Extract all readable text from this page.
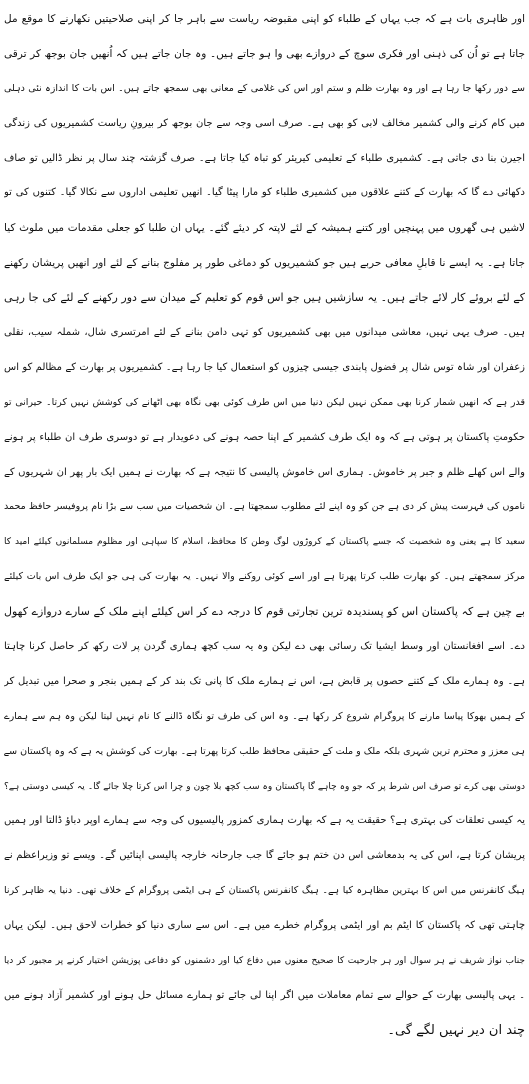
اور ظاہری بات ہے کہ جب یہاں کے طلباء کو اپنی مقبوضہ ریاست سے باہر جا کر اپنی صلاحیتیں نکھارنے کا موقع مل
جاتا ہے تو اُن کی ذہنی اور فکری سوچ کے دروازے بھی وا ہو جاتے ہیں۔ وہ جان جاتے ہیں کہ اُنھیں جان بوجھ کر ترقی
سے دور رکھا جا رہا ہے اور وہ بھارت ظلم و ستم اور اس کی غلامی کے معانی بھی سمجھ جاتے ہیں۔ اس بات کا اندازہ نئی دہلی
میں کام کرنے والی کشمیر مخالف لابی کو بھی ہے۔ صرف اسی وجہ سے جان بوجھ کر بیرونِ ریاست کشمیریوں کی زندگی
اجیرن بنا دی جاتی ہے۔ کشمیری طلباء کے تعلیمی کیریئر کو تباہ کیا جاتا ہے۔ صرف گزشتہ چند سال پر نظر ڈالیں تو صاف
دکھائی دے گا کہ بھارت کے کتنے علاقوں میں کشمیری طلباء کو مارا پیٹا گیا۔ انھیں تعلیمی اداروں سے نکالا گیا۔ کتنوں کی تو
لاشیں ہی گھروں میں پہنچیں اور کتنے ہمیشہ کے لئے لاپتہ کر دیئے گئے۔ یہاں ان طلبا کو جعلی مقدمات میں ملوث کیا
جاتا ہے۔ یہ ایسے نا قابلِ معافی حربے ہیں جو کشمیریوں کو دماغی طور پر مفلوج بنانے کے لئے اور انھیں پریشان رکھنے
کے لئے بروئے کار لائے جاتے ہیں۔ یہ سازشیں ہیں جو اس قوم کو تعلیم کے میدان سے دور رکھنے کے لئے کی جا رہی
ہیں۔ صرف یہی نہیں، معاشی میدانوں میں بھی کشمیریوں کو تہی دامن بنانے کے لئے امرتسری شال، شملہ سیب، نقلی
زعفران اور شاہ توس شال پر فضول پابندی جیسی چیزوں کو استعمال کیا جا رہا ہے۔ کشمیریوں پر بھارت کے مظالم کو اس
قدر ہے کہ انھیں شمار کرنا بھی ممکن نہیں لیکن دنیا میں اس طرف کوئی بھی نگاہ بھی اٹھانے کی کوشش نہیں کرتا۔ حیرانی تو
حکومتِ پاکستان پر ہوتی ہے کہ وہ ایک طرف کشمیر کے اپنا حصہ ہونے کی دعویدار ہے تو دوسری طرف ان طلباء پر ہونے
والے اس کھلے ظلم و جبر پر خاموش۔ ہماری اس خاموش پالیسی کا نتیجہ ہے کہ بھارت نے ہمیں ایک بار پھر ان شہریوں کے
ناموں کی فہرست پیش کر دی ہے جن کو وہ اپنے لئے مطلوب سمجھتا ہے۔ ان شخصیات میں سب سے بڑا نام پروفیسر حافظ محمد
سعید کا ہے یعنی وہ شخصیت کہ جسے پاکستان کے کروڑوں لوگ وطن کا محافظ، اسلام کا سپاہی اور مظلوم مسلمانوں کیلئے امید کا
مرکز سمجھتے ہیں۔ کو بھارت طلب کرتا پھرتا ہے اور اسے کوئی روکنے والا نہیں۔ یہ بھارت کی ہی جو ایک طرف اس بات کیلئے
بے چین ہے کہ پاکستان اس کو پسندیدہ ترین تجارتی قوم کا درجہ دے کر اس کیلئے اپنے ملک کے سارے دروازے کھول
دے۔ اسے افغانستان اور وسط ایشیا تک رسائی بھی دے لیکن وہ یہ سب کچھ ہماری گردن پر لات رکھ کر حاصل کرنا چاہتا
ہے۔ وہ ہمارے ملک کے کتنے حصوں پر قابض ہے، اس نے ہمارے ملک کا پانی تک بند کر کے ہمیں بنجر و صحرا میں تبدیل کر
کے ہمیں بھوکا پیاسا مارنے کا پروگرام شروع کر رکھا ہے۔ وہ اس کی طرف تو نگاہ ڈالنے کا نام نہیں لیتا لیکن وہ ہم سے ہمارے
ہی معزز و محترم ترین شہری بلکہ ملک و ملت کے حقیقی محافظ طلب کرتا پھرتا ہے۔ بھارت کی کوشش یہ ہے کہ وہ پاکستان سے
دوستی بھی کرے تو صرف اس شرط پر کہ جو وہ چاہے گا پاکستان وہ سب کچھ بلا چون و چرا اس کرتا چلا جائے گا۔ یہ کیسی دوستی ہے؟
یہ کیسی تعلقات کی بہتری ہے؟ حقیقت یہ ہے کہ بھارت ہماری کمزور پالیسیوں کی وجہ سے ہمارے اوپر دباؤ ڈالتا اور ہمیں
پریشان کرتا ہے، اس کی یہ بدمعاشی اس دن ختم ہو جائے گا جب جارحانہ خارجہ پالیسی اپنائیں گے۔ ویسے تو وزیراعظم نے
ہیگ کانفرنس میں اس کا بہترین مظاہرہ کیا ہے۔ ہیگ کانفرنس پاکستان کے ہی ایٹمی پروگرام کے خلاف تھی۔ دنیا یہ ظاہر کرنا
چاہتی تھی کہ پاکستان کا ایٹم بم اور ایٹمی پروگرام خطرے میں ہے۔ اس سے ساری دنیا کو خطرات لاحق ہیں۔ لیکن یہاں
جناب نواز شریف نے ہر سوال اور ہر جارحیت کا صحیح معنوں میں دفاع کیا اور دشمنوں کو دفاعی پوزیشن اختیار کرنے پر مجبور کر دیا
۔ یہی پالیسی بھارت کے حوالے سے تمام معاملات میں اگر اپنا لی جائے تو ہمارے مسائل حل ہونے اور کشمیر آزاد ہونے میں
چند ان دیر نہیں لگے گی۔
